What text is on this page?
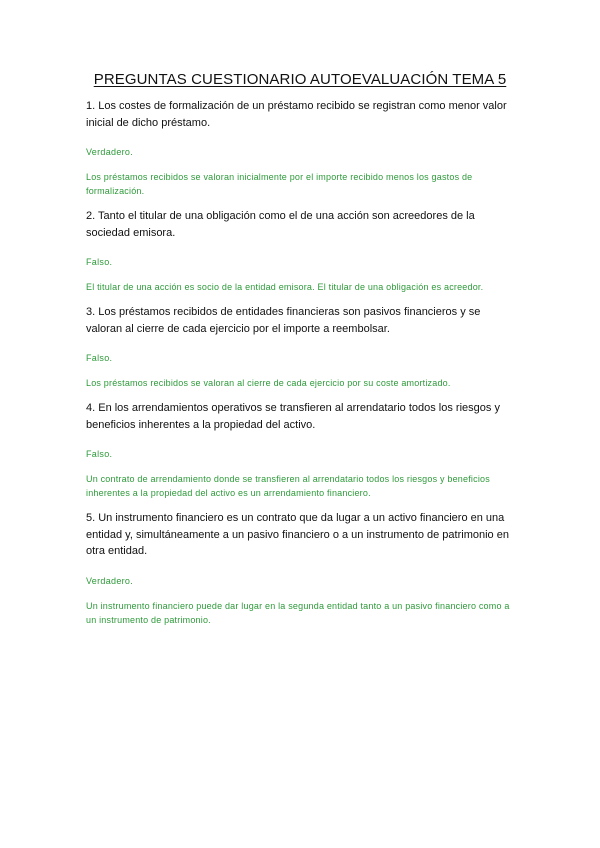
PREGUNTAS CUESTIONARIO AUTOEVALUACIÓN TEMA 5

1. Los costes de formalización de un préstamo recibido se registran como menor valor inicial de dicho préstamo.

Verdadero.

Los préstamos recibidos se valoran inicialmente por el importe recibido menos los gastos de formalización.

2. Tanto el titular de una obligación como el de una acción son acreedores de la sociedad emisora.

Falso.

El titular de una acción es socio de la entidad emisora. El titular de una obligación es acreedor.

3. Los préstamos recibidos de entidades financieras son pasivos financieros y se valoran al cierre de cada ejercicio por el importe a reembolsar.

Falso.

Los préstamos recibidos se valoran al cierre de cada ejercicio por su coste amortizado.

4. En los arrendamientos operativos se transfieren al arrendatario todos los riesgos y beneficios inherentes a la propiedad del activo.

Falso.

Un contrato de arrendamiento donde se transfieren al arrendatario todos los riesgos y beneficios inherentes a la propiedad del activo es un arrendamiento financiero.

5. Un instrumento financiero es un contrato que da lugar a un activo financiero en una entidad y, simultáneamente a un pasivo financiero o a un instrumento de patrimonio en otra entidad.

Verdadero.

Un instrumento financiero puede dar lugar en la segunda entidad tanto a un pasivo financiero como a un instrumento de patrimonio.
